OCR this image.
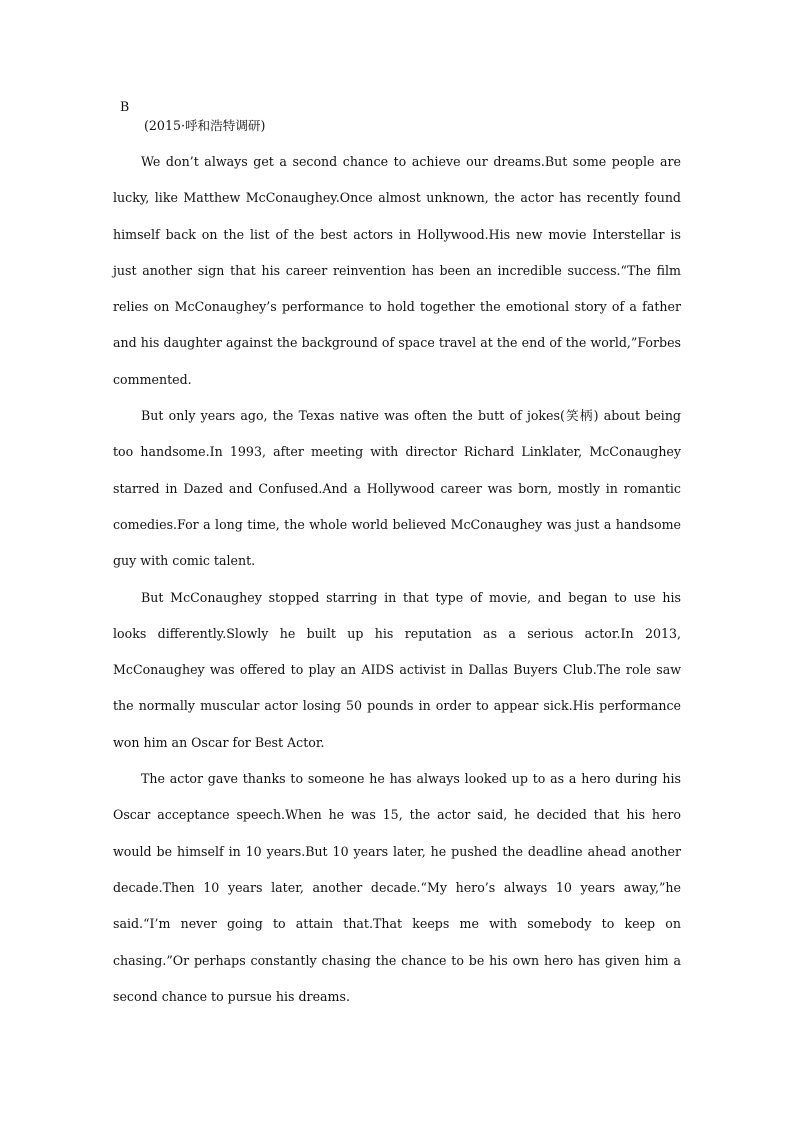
B
(2015·呼和浩特调研)

We don’t always get a second chance to achieve our dreams.But some people are lucky, like Matthew McConaughey.Once almost unknown, the actor has recently found himself back on the list of the best actors in Hollywood.His new movie Interstellar is just another sign that his career reinvention has been an incredible success.“The film relies on McConaughey’s performance to hold together the emotional story of a father and his daughter against the background of space travel at the end of the world,”Forbes commented.

But only years ago, the Texas native was often the butt of jokes(笑柄) about being too handsome.In 1993, after meeting with director Richard Linklater, McConaughey starred in Dazed and Confused.And a Hollywood career was born, mostly in romantic comedies.For a long time, the whole world believed McConaughey was just a handsome guy with comic talent.

But McConaughey stopped starring in that type of movie, and began to use his looks differently.Slowly he built up his reputation as a serious actor.In 2013, McConaughey was offered to play an AIDS activist in Dallas Buyers Club.The role saw the normally muscular actor losing 50 pounds in order to appear sick.His performance won him an Oscar for Best Actor.

The actor gave thanks to someone he has always looked up to as a hero during his Oscar acceptance speech.When he was 15, the actor said, he decided that his hero would be himself in 10 years.But 10 years later, he pushed the deadline ahead another decade.Then 10 years later, another decade.“My hero’s always 10 years away,”he said.“I’m never going to attain that.That keeps me with somebody to keep on chasing.”Or perhaps constantly chasing the chance to be his own hero has given him a second chance to pursue his dreams.
